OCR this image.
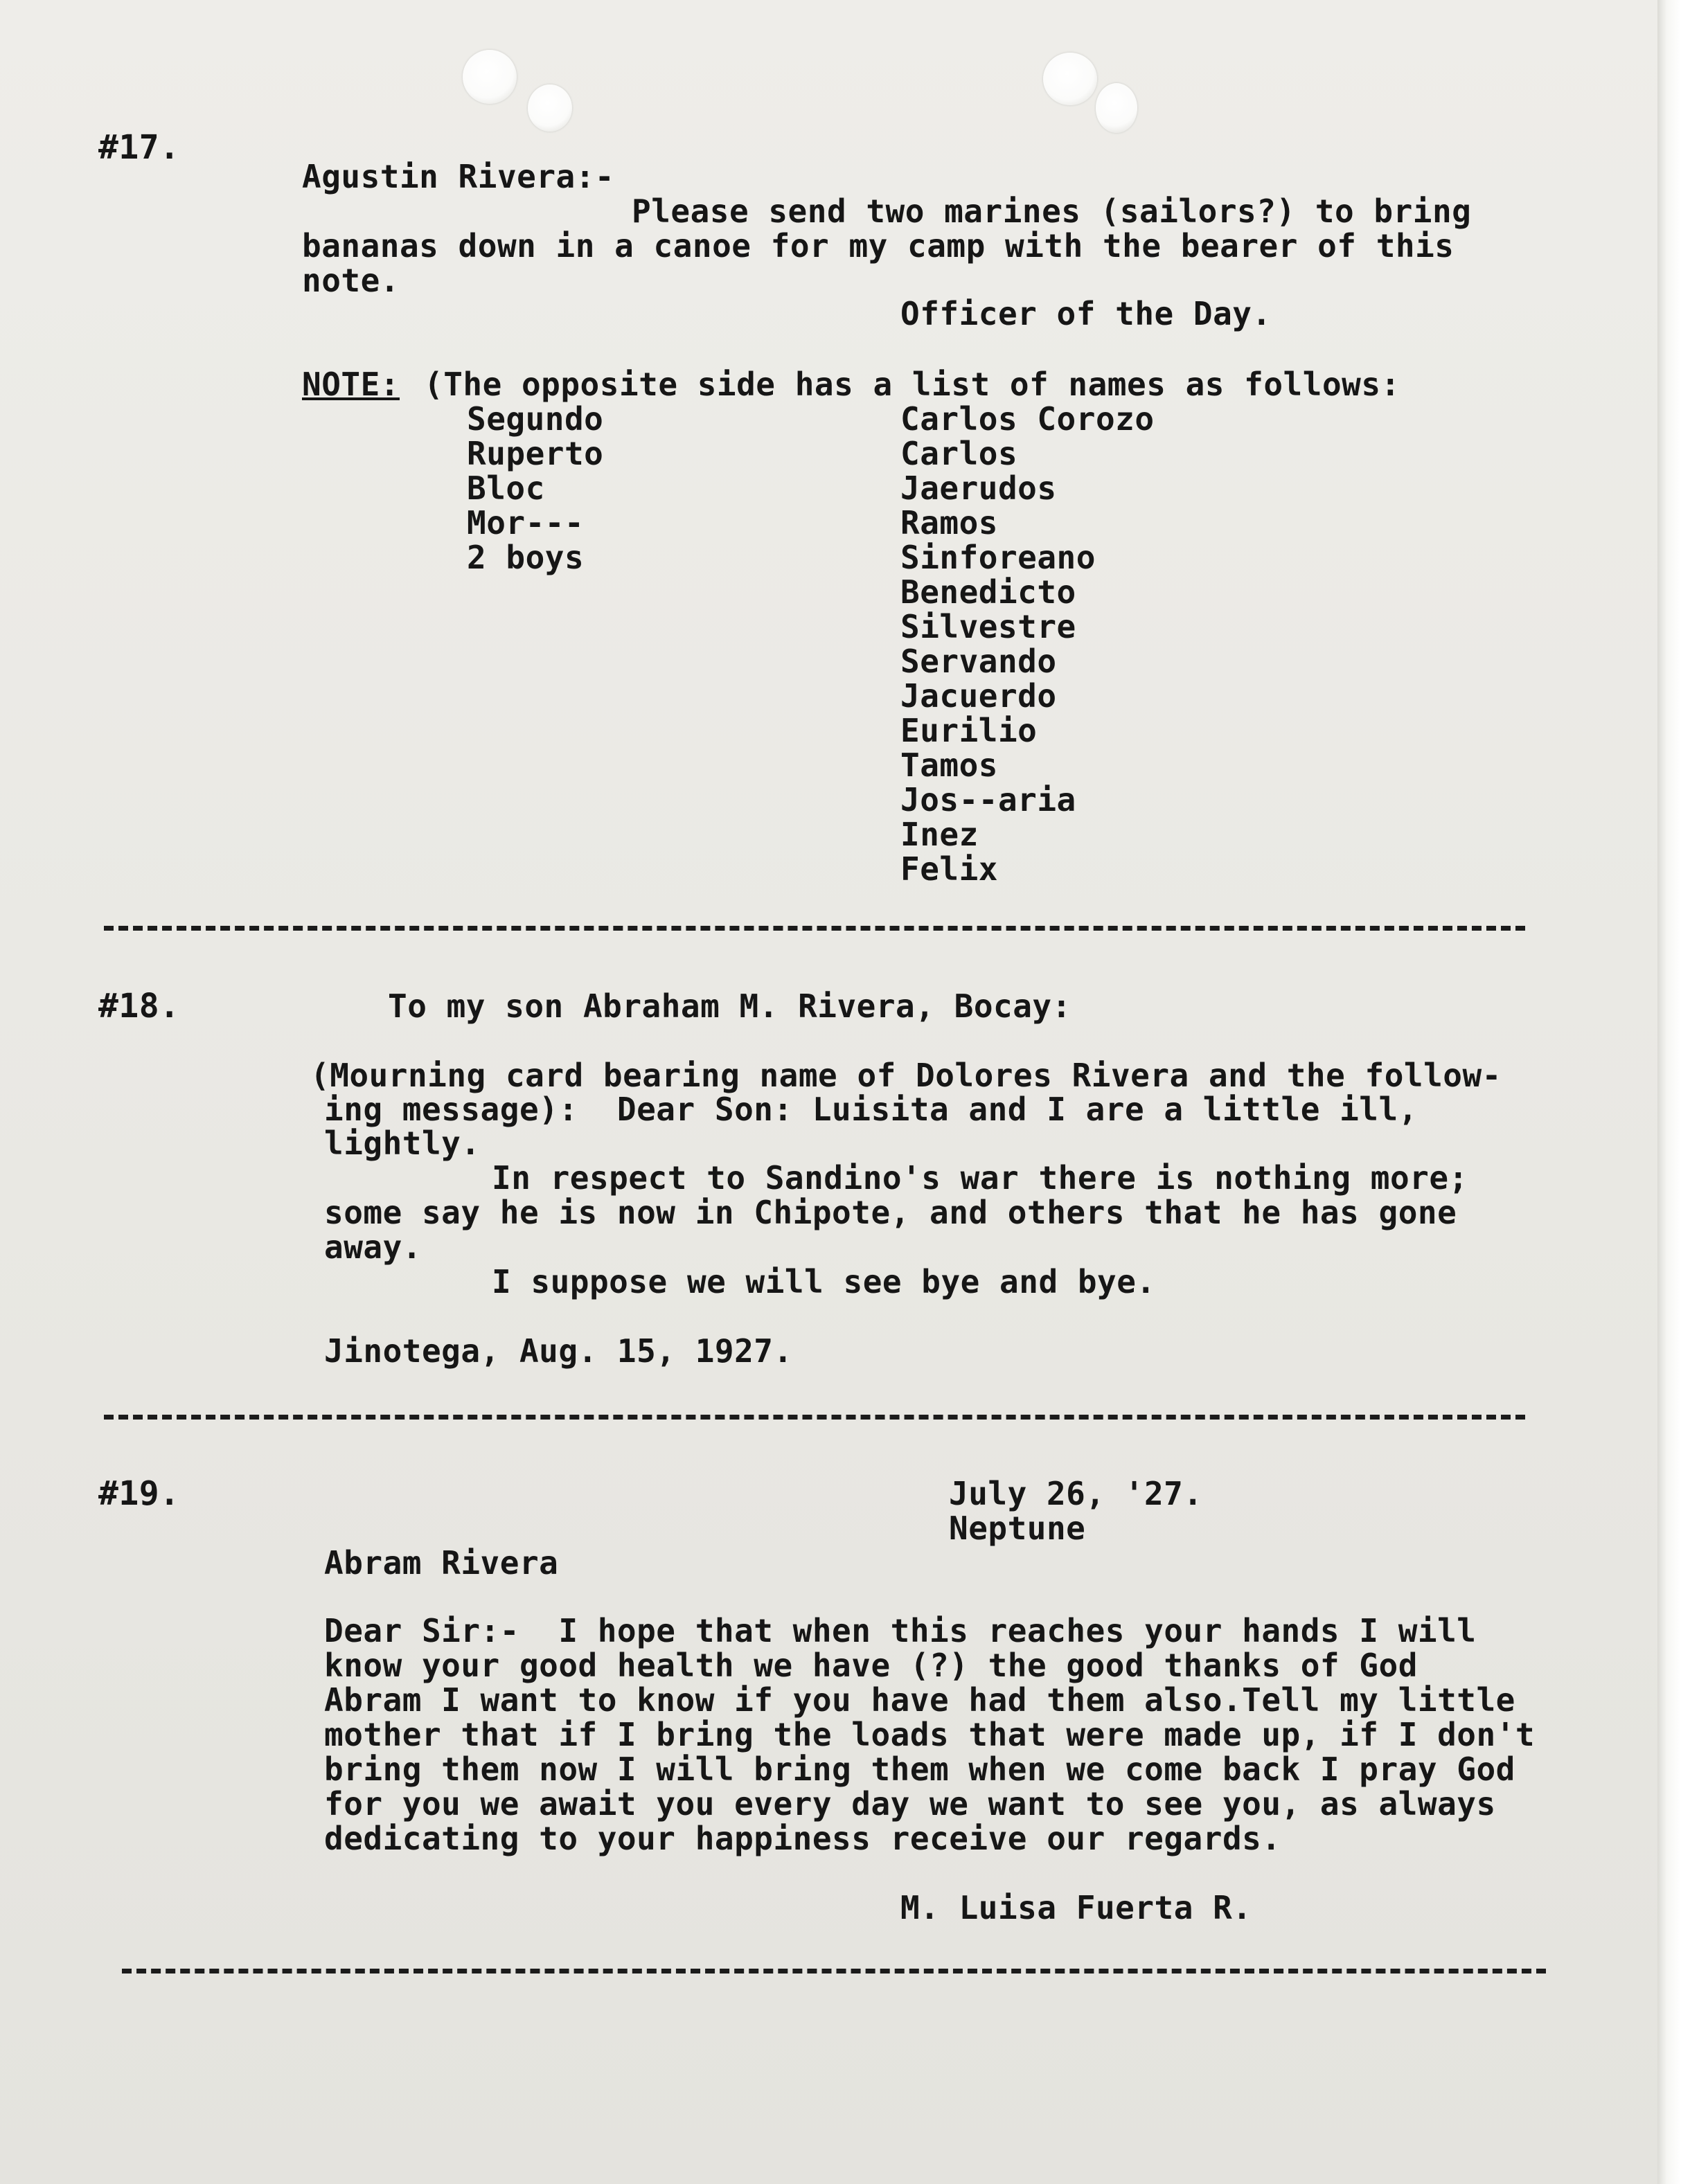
#17.
Agustin Rivera:-
Please send two marines (sailors?) to bring
bananas down in a canoe for my camp with the bearer of this
note.
Officer of the Day.
NOTE: (The opposite side has a list of names as follows:
Segundo
Ruperto
Bloc
Mor---
2 boys
Carlos Corozo
Carlos
Jaerudos
Ramos
Sinforeano
Benedicto
Silvestre
Servando
Jacuerdo
Eurilio
Tamos
Jos--aria
Inez
Felix
#18.	To my son Abraham M. Rivera, Bocay:
(Mourning card bearing name of Dolores Rivera and the follow-
ing message):  Dear Son: Luisita and I are a little ill,
lightly.
In respect to Sandino's war there is nothing more;
some say he is now in Chipote, and others that he has gone
away.
I suppose we will see bye and bye.
Jinotega, Aug. 15, 1927.
#19.	July 26, '27.
Neptune
Abram Rivera
Dear Sir:-  I hope that when this reaches your hands I will
know your good health we have (?) the good thanks of God
Abram I want to know if you have had them also.Tell my little
mother that if I bring the loads that were made up, if I don't
bring them now I will bring them when we come back I pray God
for you we await you every day we want to see you, as always
dedicating to your happiness receive our regards.
M. Luisa Fuerta R.
